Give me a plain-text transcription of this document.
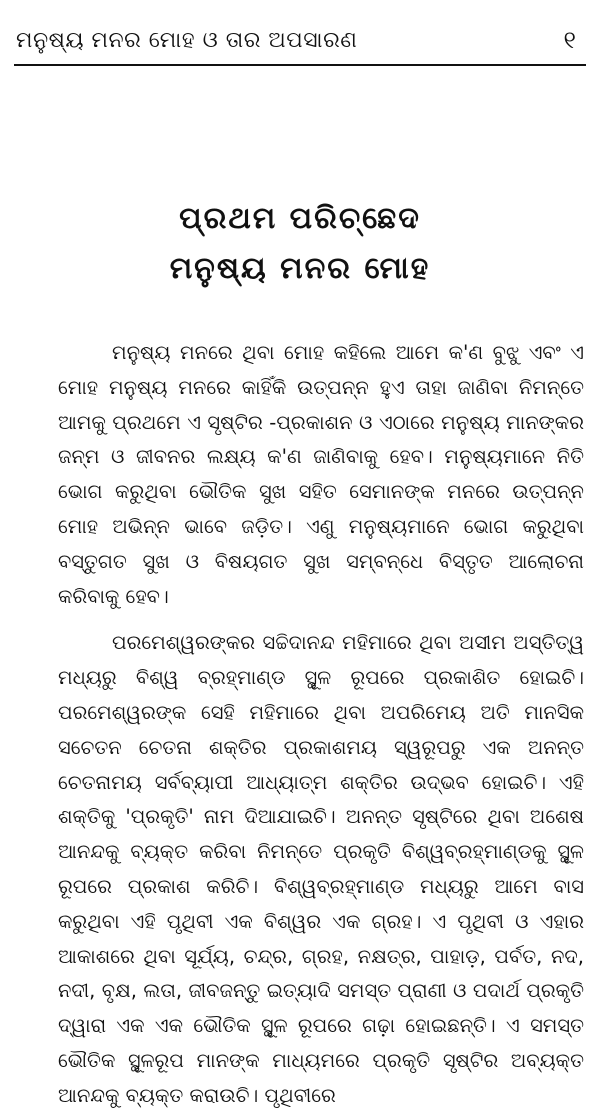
ମନୁଷ୍ୟ ମନର ମୋହ ଓ ତାର ଅପସାରଣ	୧
ପ୍ରଥମ ପରିଚ୍ଛେଦ
ମନୁଷ୍ୟ ମନର ମୋହ

ମନୁଷ୍ୟ ମନରେ ଥିବା ମୋହ କହିଲେ ଆମେ କ'ଣ ବୁଝୁ ଏବଂ ଏ ମୋହ ମନୁଷ୍ୟ ମନରେ କାହିଁକି ଉତ୍ପନ୍ନ ହୁଏ ତାହା ଜାଣିବା ନିମନ୍ତେ ଆମକୁ ପ୍ରଥମେ ଏ ସୃଷ୍ଟିର -ପ୍ରକାଶନ ଓ ଏଠାରେ ମନୁଷ୍ୟ ମାନଙ୍କର ଜନ୍ମ ଓ ଜୀବନର ଲକ୍ଷ୍ୟ କ'ଣ ଜାଣିବାକୁ ହେବ। ମନୁଷ୍ୟମାନେ ନିତି ଭୋଗ କରୁଥିବା ଭୌତିକ ସୁଖ ସହିତ ସେମାନଙ୍କ ମନରେ ଉତ୍ପନ୍ନ ମୋହ ଅଭିନ୍ନ ଭାବେ ଜଡ଼ିତ। ଏଣୁ ମନୁଷ୍ୟମାନେ ଭୋଗ କରୁଥିବା ବସ୍ତୁଗତ ସୁଖ ଓ ବିଷୟଗତ ସୁଖ ସମ୍ବନ୍ଧେ ବିସ୍ତୃତ ଆଲୋଚନା କରିବାକୁ ହେବ।

ପରମେଶ୍ୱରଙ୍କର ସଚ୍ଚିଦାନନ୍ଦ ମହିମାରେ ଥିବା ଅସୀମ ଅସ୍ତିତ୍ୱ ମଧ୍ୟରୁ ବିଶ୍ୱ ବ୍ରହ୍ମାଣ୍ଡ ସ୍ଥୂଳ ରୂପରେ ପ୍ରକାଶିତ ହୋଇଚି। ପରମେଶ୍ୱରଙ୍କ ସେହି ମହିମାରେ ଥିବା ଅପରିମେୟ ଅତି ମାନସିକ ସଚେତନ ଚେତନା ଶକ୍ତିର ପ୍ରକାଶମୟ ସ୍ୱରୂପରୁ ଏକ ଅନନ୍ତ ଚେତନାମୟ ସର୍ବବ୍ୟାପୀ ଆଧ୍ୟାତ୍ମ ଶକ୍ତିର ଉଦ୍‌ଭବ ହୋଇଚି। ଏହି ଶକ୍ତିକୁ 'ପ୍ରକୃତି' ନାମ ଦିଆଯାଇଚି। ଅନନ୍ତ ସୃଷ୍ଟିରେ ଥିବା ଅଶେଷ ଆନନ୍ଦକୁ ବ୍ୟକ୍ତ କରିବା ନିମନ୍ତେ ପ୍ରକୃତି ବିଶ୍ୱବ୍ରହ୍ମାଣ୍ଡକୁ ସ୍ଥୂଳ ରୂପରେ ପ୍ରକାଶ କରିଚି। ବିଶ୍ୱବ୍ରହ୍ମାଣ୍ଡ ମଧ୍ୟରୁ ଆମେ ବାସ କରୁଥିବା ଏହି ପୃଥିବୀ ଏକ ବିଶ୍ୱର ଏକ ଗ୍ରହ। ଏ ପୃଥିବୀ ଓ ଏହାର ଆକାଶରେ ଥିବା ସୂର୍ଯ୍ୟ, ଚନ୍ଦ୍ର, ଗ୍ରହ, ନକ୍ଷତ୍ର, ପାହାଡ଼, ପର୍ବତ, ନଦ, ନଦୀ, ବୃକ୍ଷ, ଲତା, ଜୀବଜନ୍ତୁ ଇତ୍ୟାଦି ସମସ୍ତ ପ୍ରାଣୀ ଓ ପଦାର୍ଥ ପ୍ରକୃତି ଦ୍ୱାରା ଏକ ଏକ ଭୌତିକ ସ୍ଥୂଳ ରୂପରେ ଗଢ଼ା ହୋଇଛନ୍ତି। ଏ ସମସ୍ତ ଭୌତିକ ସ୍ଥୂଳରୂପ ମାନଙ୍କ ମାଧ୍ୟମରେ ପ୍ରକୃତି ସୃଷ୍ଟିର ଅବ୍ୟକ୍ତ ଆନନ୍ଦକୁ ବ୍ୟକ୍ତ କରାଉଚି। ପୃଥିବୀରେ
